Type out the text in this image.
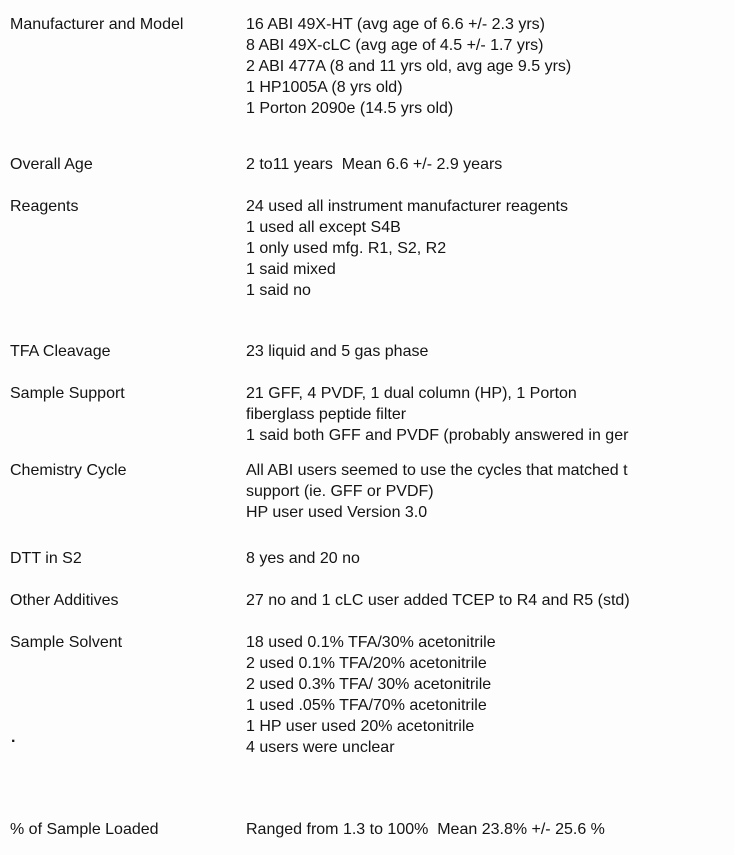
Manufacturer and Model	16 ABI 49X-HT (avg age of 6.6 +/- 2.3 yrs)
8 ABI 49X-cLC (avg age of 4.5 +/- 1.7 yrs)
2 ABI 477A (8 and 11 yrs old, avg age 9.5 yrs)
1 HP1005A (8 yrs old)
1 Porton 2090e (14.5 yrs old)
Overall Age	2 to11 years  Mean 6.6 +/- 2.9 years
Reagents	24 used all instrument manufacturer reagents
1 used all except S4B
1 only used mfg. R1, S2, R2
1 said mixed
1 said no
TFA Cleavage	23 liquid and 5 gas phase
Sample Support	21 GFF, 4 PVDF, 1 dual column (HP), 1 Porton
fiberglass peptide filter
1 said both GFF and PVDF (probably answered in ger
Chemistry Cycle	All ABI users seemed to use the cycles that matched t
support (ie. GFF or PVDF)
HP user used Version 3.0
DTT in S2	8 yes and 20 no
Other Additives	27 no and 1 cLC user added TCEP to R4 and R5 (std)
Sample Solvent	18 used 0.1% TFA/30% acetonitrile
2 used 0.1% TFA/20% acetonitrile
2 used 0.3% TFA/ 30% acetonitrile
1 used .05% TFA/70% acetonitrile
1 HP user used 20% acetonitrile
4 users were unclear
% of Sample Loaded	Ranged from 1.3 to 100%  Mean 23.8% +/- 25.6 %
.
